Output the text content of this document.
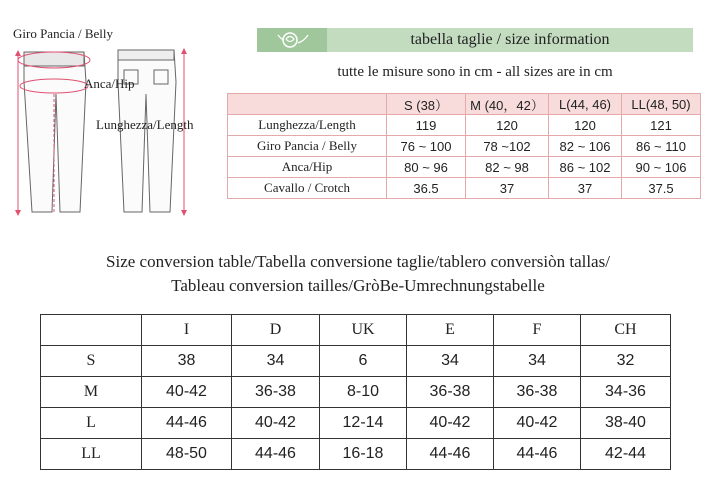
Giro Pancia / Belly
Anca/Hip
Lunghezza/Length
tabella taglie / size information
tutte le misure sono in cm - all sizes are in cm
	S (38）	M (40，42）	L(44, 46)	LL(48, 50)
Lunghezza/Length	119	120	120	121
Giro Pancia / Belly	76 ~ 100	78 ~102	82 ~ 106	86 ~ 110
Anca/Hip	80 ~ 96	82 ~ 98	86 ~ 102	90 ~ 106
Cavallo / Crotch	36.5	37	37	37.5
Size conversion table/Tabella conversione taglie/tablero conversiòn tallas/
Tableau conversion tailles/GròBe-Umrechnungstabelle
	I	D	UK	E	F	CH
S	38	34	6	34	34	32
M	40-42	36-38	8-10	36-38	36-38	34-36
L	44-46	40-42	12-14	40-42	40-42	38-40
LL	48-50	44-46	16-18	44-46	44-46	42-44
